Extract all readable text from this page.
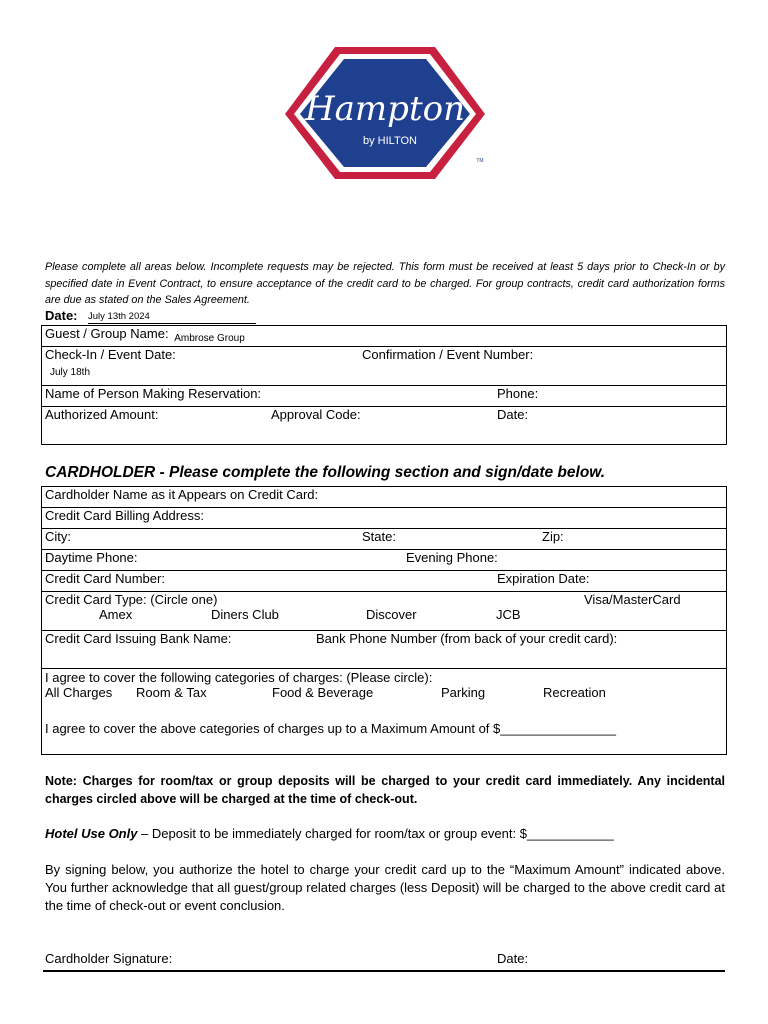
Hampton
by HILTON
TM
Please complete all areas below. Incomplete requests may be rejected. This form must be received at least 5 days prior to Check-In or by specified date in Event Contract, to ensure acceptance of the credit card to be charged. For group contracts, credit card authorization forms are due as stated on the Sales Agreement.
Date: July 13th 2024
Guest / Group Name: $_{Ambrose Group}$
Check-In / Event Date:	Confirmation / Event Number:
July 18th

Name of Person Making Reservation:	Phone:

Authorized Amount:	Approval Code:	Date:
CARDHOLDER - Please complete the following section and sign/date below.
Cardholder Name as it Appears on Credit Card:
Credit Card Billing Address:
City:	State:	Zip:

Daytime Phone:	Evening Phone:

Credit Card Number:	Expiration Date:

Credit Card Type: (Circle one)	Visa/MasterCard
Amex	Diners Club	Discover	JCB

Credit Card Issuing Bank Name:	Bank Phone Number (from back of your credit card):

I agree to cover the following categories of charges: (Please circle):
All Charges Room & Tax	Food & Beverage	Parking	Recreation
I agree to cover the above categories of charges up to a Maximum Amount of $________________
Note: Charges for room/tax or group deposits will be charged to your credit card immediately. Any incidental charges circled above will be charged at the time of check-out.
Hotel Use Only – Deposit to be immediately charged for room/tax or group event: $____________
By signing below, you authorize the hotel to charge your credit card up to the “Maximum Amount” indicated above. You further acknowledge that all guest/group related charges (less Deposit) will be charged to the above credit card at the time of check-out or event conclusion.
Cardholder Signature:	Date:
